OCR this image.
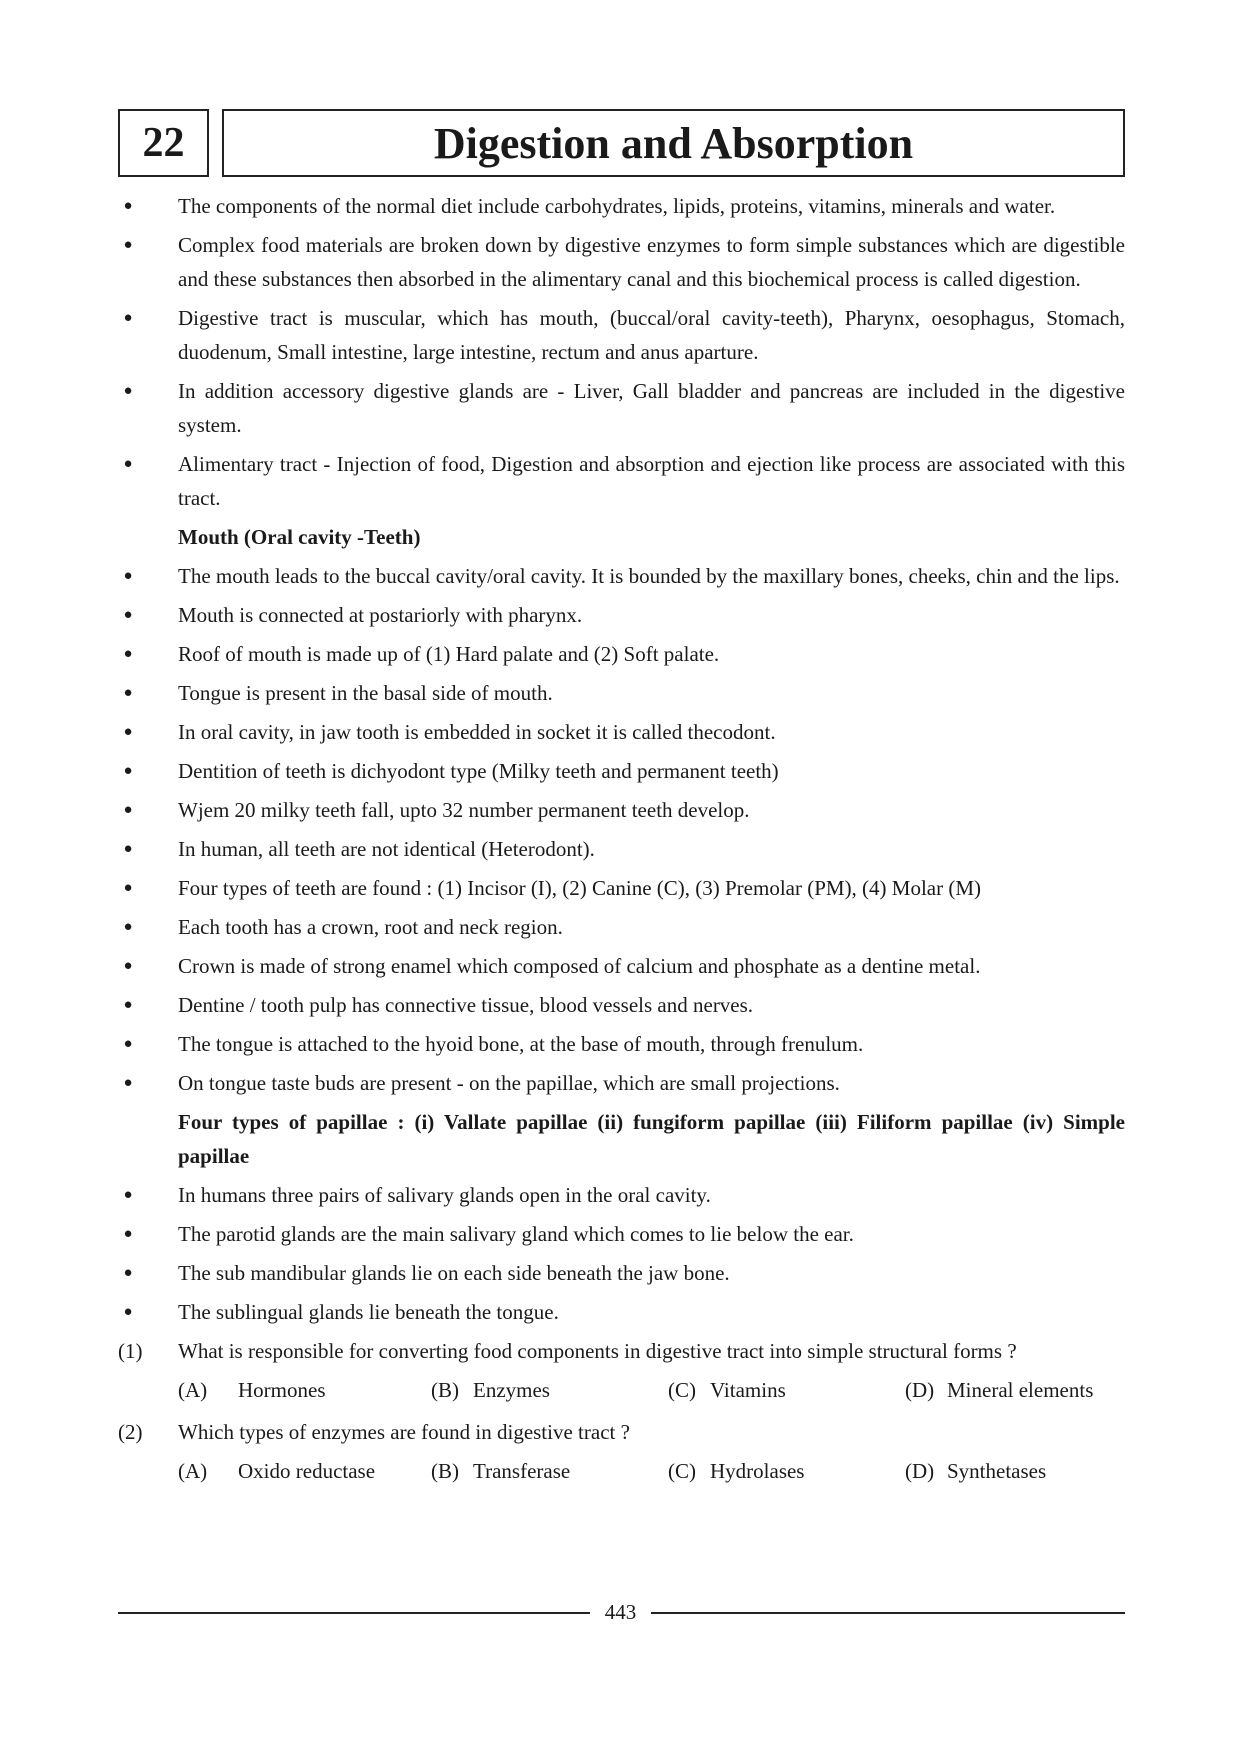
22	Digestion and Absorption
● The components of the normal diet include carbohydrates, lipids, proteins, vitamins, minerals and water.
● Complex food materials are broken down by digestive enzymes to form simple substances which are digestible and these substances then absorbed in the alimentary canal and this biochemical process is called digestion.
● Digestive tract is muscular, which has mouth, (buccal/oral cavity-teeth), Pharynx, oesophagus, Stomach, duodenum, Small intestine, large intestine, rectum and anus aparture.
● In addition accessory digestive glands are - Liver, Gall bladder and pancreas are included in the digestive system.
● Alimentary tract - Injection of food, Digestion and absorption and ejection like process are associated with this tract.
Mouth (Oral cavity -Teeth)
● The mouth leads to the buccal cavity/oral cavity. It is bounded by the maxillary bones, cheeks, chin and the lips.
● Mouth is connected at postariorly with pharynx.
● Roof of mouth is made up of (1) Hard palate and (2) Soft palate.
● Tongue is present in the basal side of mouth.
● In oral cavity, in jaw tooth is embedded in socket it is called thecodont.
● Dentition of teeth is dichyodont type (Milky teeth and permanent teeth)
● Wjem 20 milky teeth fall, upto 32 number permanent teeth develop.
● In human, all teeth are not identical (Heterodont).
● Four types of teeth are found : (1) Incisor (I), (2) Canine (C), (3) Premolar (PM), (4) Molar (M)
● Each tooth has a crown, root and neck region.
● Crown is made of strong enamel which composed of calcium and phosphate as a dentine metal.
● Dentine / tooth pulp has connective tissue, blood vessels and nerves.
● The tongue is attached to the hyoid bone, at the base of mouth, through frenulum.
● On tongue taste buds are present - on the papillae, which are small projections.
Four types of papillae : (i) Vallate papillae (ii) fungiform papillae (iii) Filiform papillae (iv) Simple papillae
● In humans three pairs of salivary glands open in the oral cavity.
● The parotid glands are the main salivary gland which comes to lie below the ear.
● The sub mandibular glands lie on each side beneath the jaw bone.
● The sublingual glands lie beneath the tongue.
(1) What is responsible for converting food components in digestive tract into simple structural forms ?
(A) Hormones	(B) Enzymes	(C) Vitamins	(D) Mineral elements
(2) Which types of enzymes are found in digestive tract ?
(A) Oxido reductase	(B) Transferase	(C) Hydrolases	(D) Synthetases
443
